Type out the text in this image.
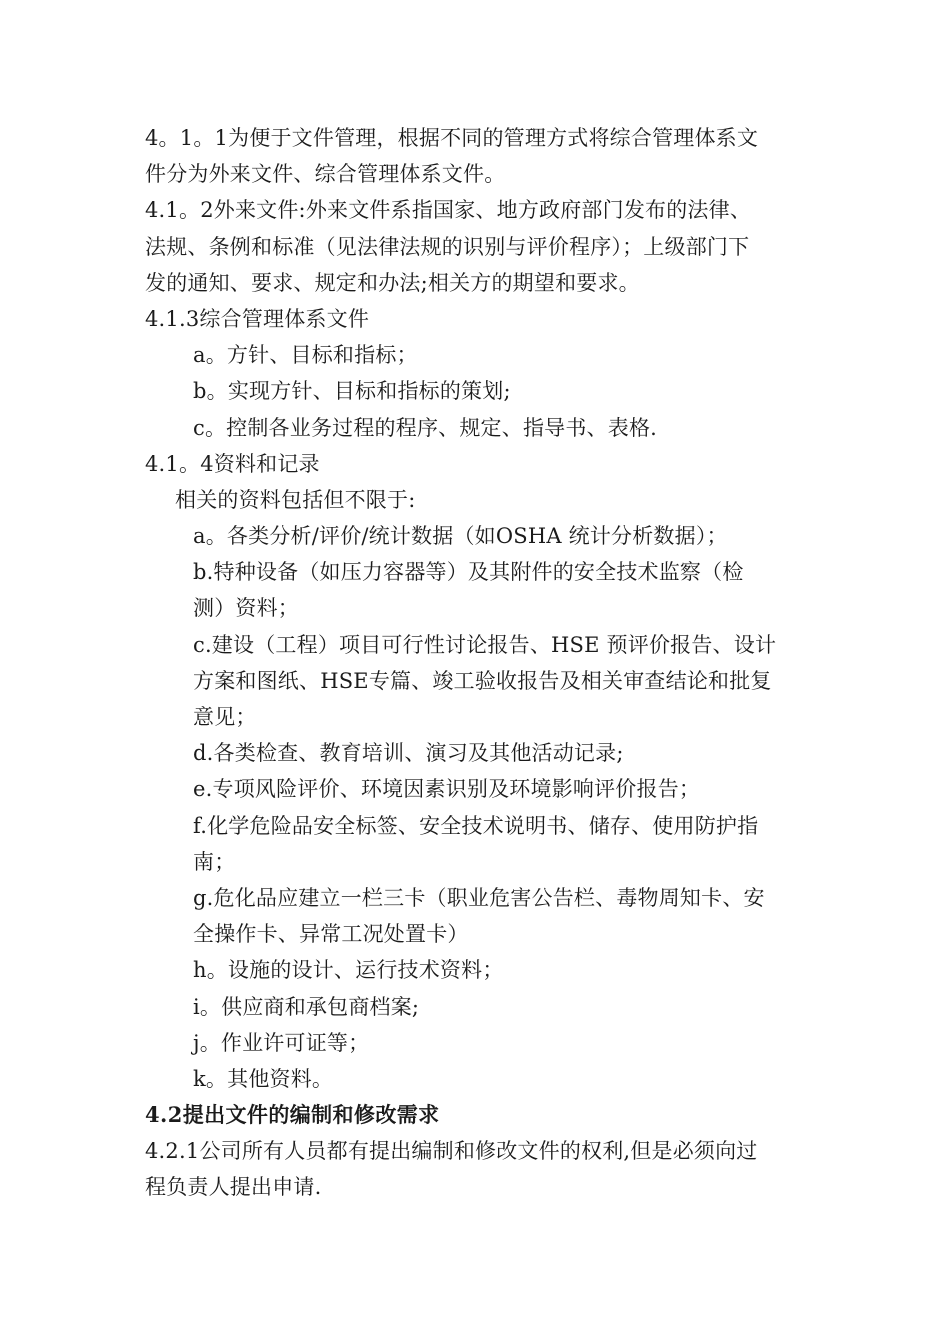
4。1。1为便于文件管理，根据不同的管理方式将综合管理体系文
件分为外来文件、综合管理体系文件。
4.1。2外来文件:外来文件系指国家、地方政府部门发布的法律、
法规、条例和标准（见法律法规的识别与评价程序）；上级部门下
发的通知、要求、规定和办法;相关方的期望和要求。
4.1.3综合管理体系文件
a。方针、目标和指标；
b。实现方针、目标和指标的策划;
c。控制各业务过程的程序、规定、指导书、表格.
4.1。4资料和记录
相关的资料包括但不限于:
a。各类分析/评价/统计数据（如OSHA 统计分析数据）；
b.特种设备（如压力容器等）及其附件的安全技术监察（检
测）资料；
c.建设（工程）项目可行性讨论报告、HSE 预评价报告、设计
方案和图纸、HSE专篇、竣工验收报告及相关审查结论和批复
意见；
d.各类检查、教育培训、演习及其他活动记录;
e.专项风险评价、环境因素识别及环境影响评价报告；
f.化学危险品安全标签、安全技术说明书、储存、使用防护指
南；
g.危化品应建立一栏三卡（职业危害公告栏、毒物周知卡、安
全操作卡、异常工况处置卡）
h。设施的设计、运行技术资料；
i。供应商和承包商档案;
j。作业许可证等；
k。其他资料。
4.2提出文件的编制和修改需求
4.2.1公司所有人员都有提出编制和修改文件的权利,但是必须向过
程负责人提出申请.
